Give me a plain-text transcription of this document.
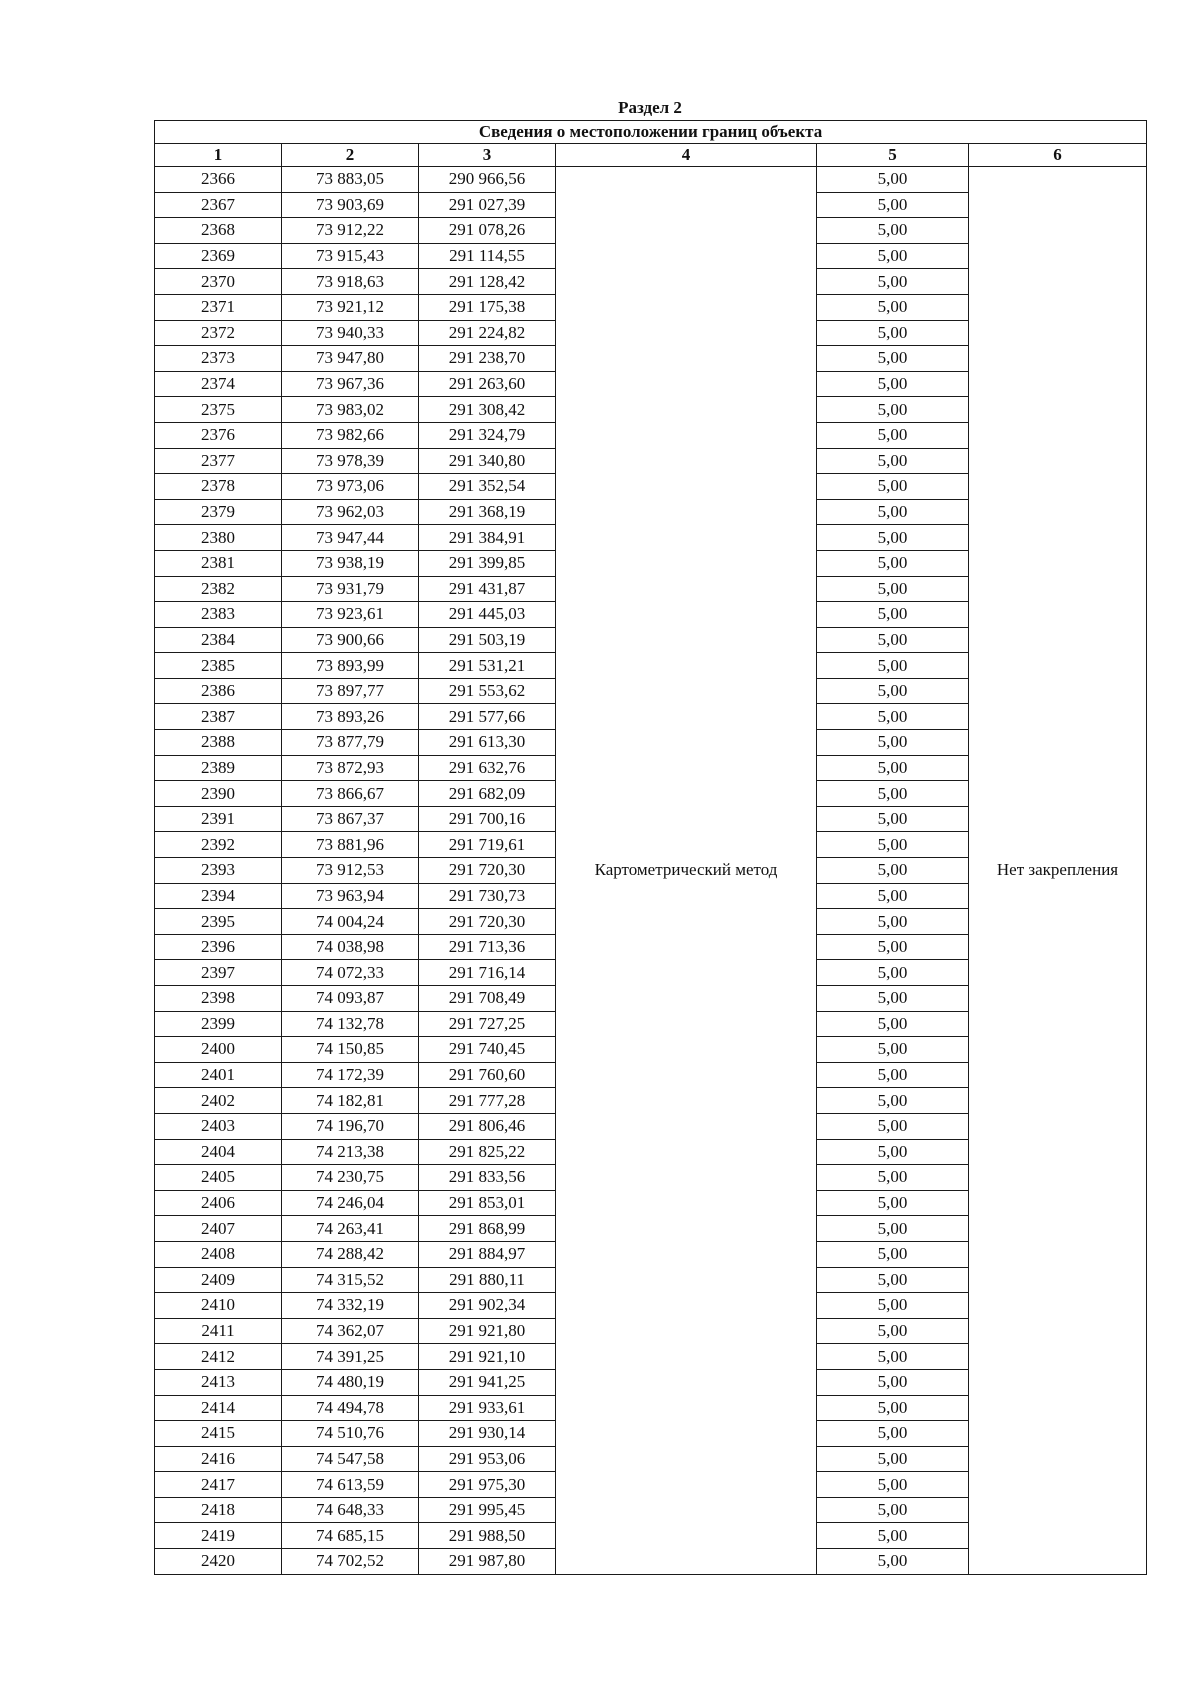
Раздел 2
Сведения о местоположении границ объекта					
1	2	3	4	5	6
2366	73 883,05	290 966,56	Картометрический метод	5,00	Нет закрепления
2367	73 903,69	291 027,39		5,00	
2368	73 912,22	291 078,26		5,00	
2369	73 915,43	291 114,55		5,00	
2370	73 918,63	291 128,42		5,00	
2371	73 921,12	291 175,38		5,00	
2372	73 940,33	291 224,82		5,00	
2373	73 947,80	291 238,70		5,00	
2374	73 967,36	291 263,60		5,00	
2375	73 983,02	291 308,42		5,00	
2376	73 982,66	291 324,79		5,00	
2377	73 978,39	291 340,80		5,00	
2378	73 973,06	291 352,54		5,00	
2379	73 962,03	291 368,19		5,00	
2380	73 947,44	291 384,91		5,00	
2381	73 938,19	291 399,85		5,00	
2382	73 931,79	291 431,87		5,00	
2383	73 923,61	291 445,03		5,00	
2384	73 900,66	291 503,19		5,00	
2385	73 893,99	291 531,21		5,00	
2386	73 897,77	291 553,62		5,00	
2387	73 893,26	291 577,66		5,00	
2388	73 877,79	291 613,30		5,00	
2389	73 872,93	291 632,76		5,00	
2390	73 866,67	291 682,09		5,00	
2391	73 867,37	291 700,16		5,00	
2392	73 881,96	291 719,61		5,00	
2393	73 912,53	291 720,30		5,00	
2394	73 963,94	291 730,73		5,00	
2395	74 004,24	291 720,30		5,00	
2396	74 038,98	291 713,36		5,00	
2397	74 072,33	291 716,14		5,00	
2398	74 093,87	291 708,49		5,00	
2399	74 132,78	291 727,25		5,00	
2400	74 150,85	291 740,45		5,00	
2401	74 172,39	291 760,60		5,00	
2402	74 182,81	291 777,28		5,00	
2403	74 196,70	291 806,46		5,00	
2404	74 213,38	291 825,22		5,00	
2405	74 230,75	291 833,56		5,00	
2406	74 246,04	291 853,01		5,00	
2407	74 263,41	291 868,99		5,00	
2408	74 288,42	291 884,97		5,00	
2409	74 315,52	291 880,11		5,00	
2410	74 332,19	291 902,34		5,00	
2411	74 362,07	291 921,80		5,00	
2412	74 391,25	291 921,10		5,00	
2413	74 480,19	291 941,25		5,00	
2414	74 494,78	291 933,61		5,00	
2415	74 510,76	291 930,14		5,00	
2416	74 547,58	291 953,06		5,00	
2417	74 613,59	291 975,30		5,00	
2418	74 648,33	291 995,45		5,00	
2419	74 685,15	291 988,50		5,00	
2420	74 702,52	291 987,80		5,00	
